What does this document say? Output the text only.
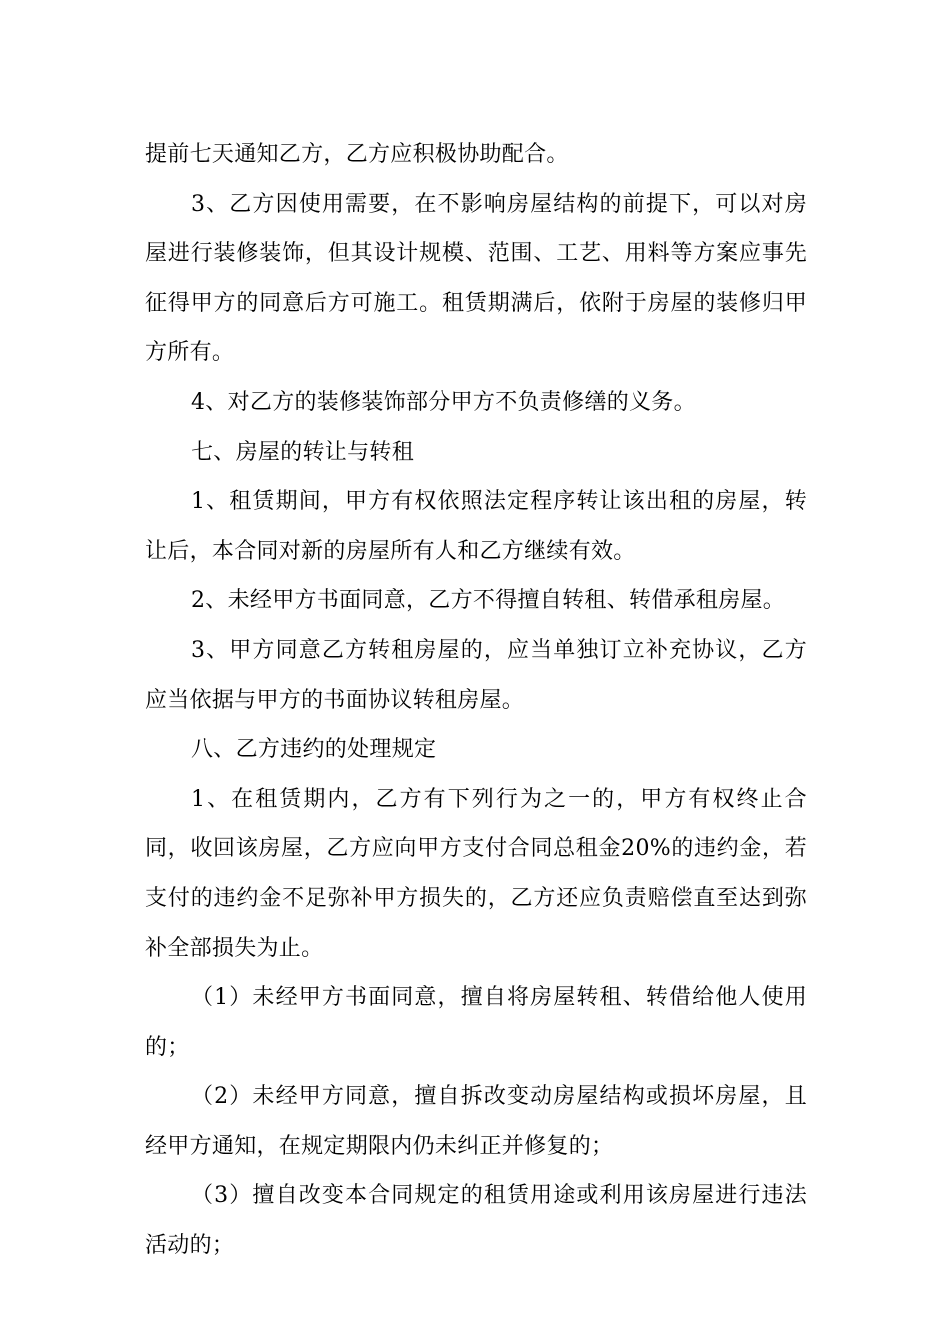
提前七天通知乙方，乙方应积极协助配合。

3、乙方因使用需要，在不影响房屋结构的前提下，可以对房屋进行装修装饰，但其设计规模、范围、工艺、用料等方案应事先征得甲方的同意后方可施工。租赁期满后，依附于房屋的装修归甲方所有。

4、对乙方的装修装饰部分甲方不负责修缮的义务。

七、房屋的转让与转租

1、租赁期间，甲方有权依照法定程序转让该出租的房屋，转让后，本合同对新的房屋所有人和乙方继续有效。

2、未经甲方书面同意，乙方不得擅自转租、转借承租房屋。

3、甲方同意乙方转租房屋的，应当单独订立补充协议，乙方应当依据与甲方的书面协议转租房屋。

八、乙方违约的处理规定

1、在租赁期内，乙方有下列行为之一的，甲方有权终止合同，收回该房屋，乙方应向甲方支付合同总租金20%的违约金，若支付的违约金不足弥补甲方损失的，乙方还应负责赔偿直至达到弥补全部损失为止。

（1）未经甲方书面同意，擅自将房屋转租、转借给他人使用的；

（2）未经甲方同意，擅自拆改变动房屋结构或损坏房屋，且经甲方通知，在规定期限内仍未纠正并修复的；

（3）擅自改变本合同规定的租赁用途或利用该房屋进行违法活动的；
